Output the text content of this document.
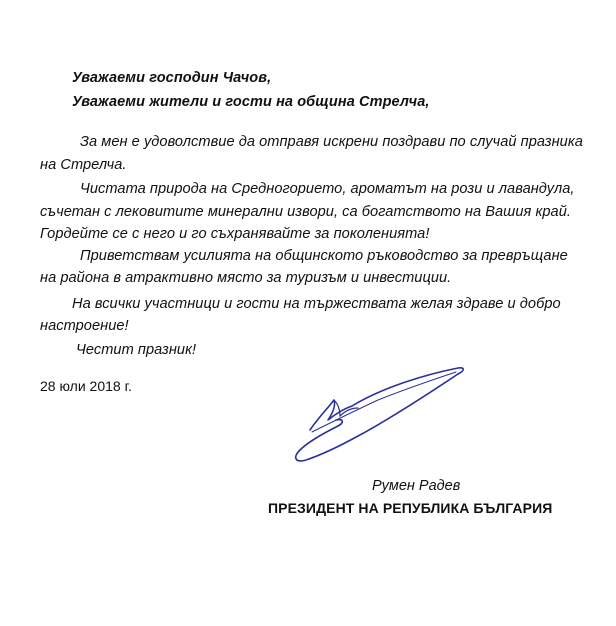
Уважаеми господин Чачов,
Уважаеми жители и гости на община Стрелча,
За мен е удоволствие да отправя искрени поздрави по случай празника
на Стрелча.
Чистата природа на Средногорието, ароматът на рози и лавандула,
съчетан с лековитите минерални извори, са богатството на Вашия край.
Гордейте се с него и го съхранявайте за поколенията!
Приветствам усилията на общинското ръководство за превръщане
на района в атрактивно място за туризъм и инвестиции.
На всички участници и гости на тържествата желая здраве и добро
настроение!
Честит празник!
28 юли 2018 г.
Румен Радев
ПРЕЗИДЕНТ НА РЕПУБЛИКА БЪЛГАРИЯ
